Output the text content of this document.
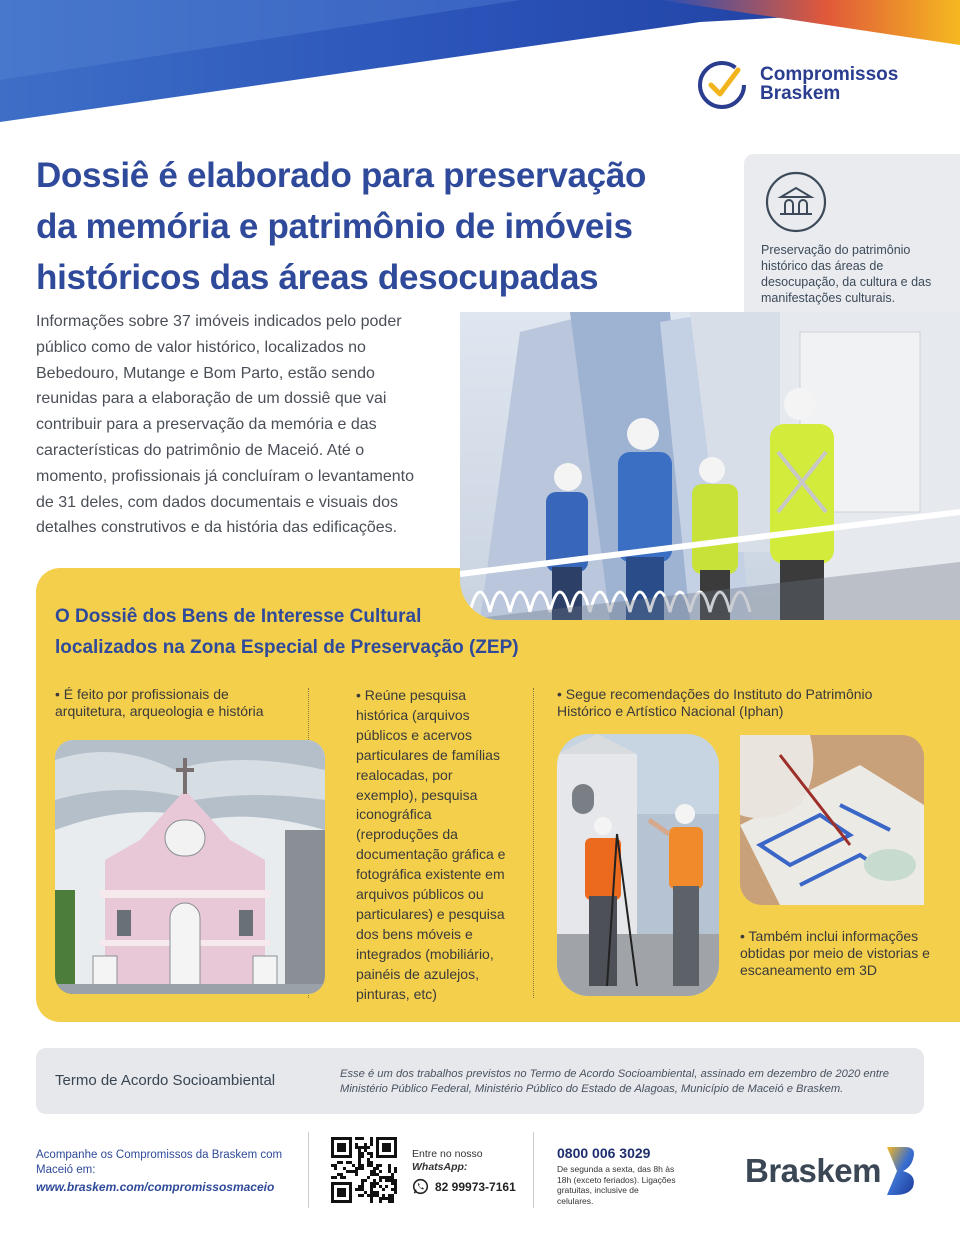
Compromissos
Braskem
Dossiê é elaborado para preservação
da memória e patrimônio de imóveis
históricos das áreas desocupadas
Preservação do patrimônio histórico das áreas de desocupação, da cultura e das manifestações culturais.
Informações sobre 37 imóveis indicados pelo poder público como de valor histórico, localizados no Bebedouro, Mutange e Bom Parto, estão sendo reunidas para a elaboração de um dossiê que vai contribuir para a preservação da memória e das características do patrimônio de Maceió. Até o momento, profissionais já concluíram o levantamento de 31 deles, com dados documentais e visuais dos detalhes construtivos e da história das edificações.
O Dossiê dos Bens de Interesse Cultural
localizados na Zona Especial de Preservação (ZEP)
• É feito por profissionais de arquitetura, arqueologia e história
• Reúne pesquisa histórica (arquivos públicos e acervos particulares de famílias realocadas, por exemplo), pesquisa iconográfica (reproduções da documentação gráfica e fotográfica existente em arquivos públicos ou particulares) e pesquisa dos bens móveis e integrados (mobiliário, painéis de azulejos, pinturas, etc)
• Segue recomendações do Instituto do Patrimônio Histórico e Artístico Nacional (Iphan)
• Também inclui informações obtidas por meio de vistorias e escaneamento em 3D
Termo de Acordo Socioambiental	Esse é um dos trabalhos previstos no Termo de Acordo Socioambiental, assinado em dezembro de 2020 entre Ministério Público Federal, Ministério Público do Estado de Alagoas, Município de Maceió e Braskem.
Acompanhe os Compromissos da Braskem com Maceió em:
www.braskem.com/compromissosmaceio
Entre no nosso
WhatsApp:
82 99973-7161
0800 006 3029
De segunda a sexta, das 8h às 18h (exceto feriados). Ligações gratuitas, inclusive de celulares.
Braskem
